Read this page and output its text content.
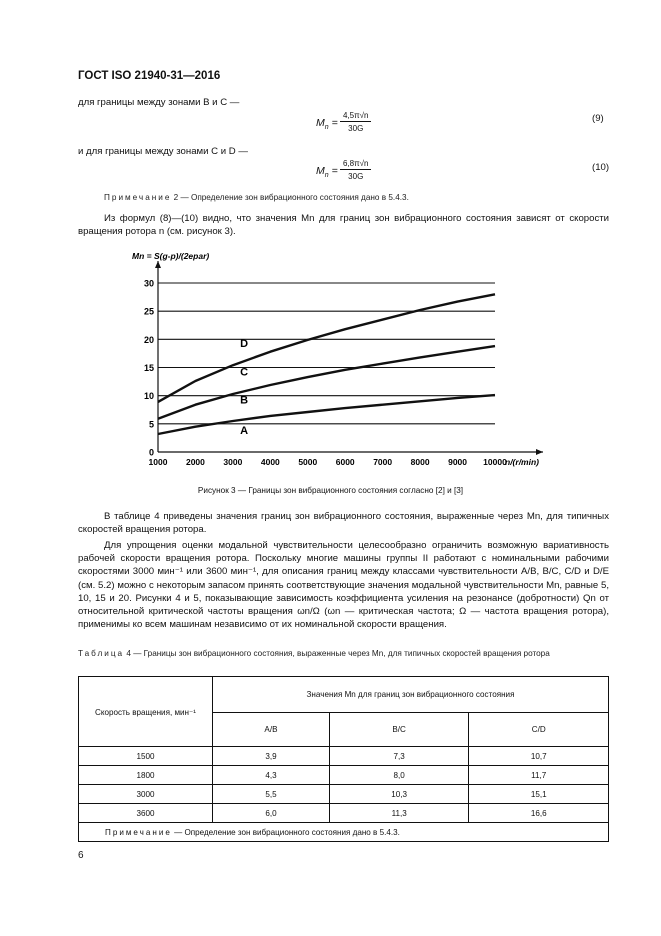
ГОСТ ISO 21940-31—2016
для границы между зонами В и С —
$M_n = \frac{4,5\pi√n}{30G}$	(9)
и для границы между зонами С и D —
$M_n = \frac{6,8\pi√n}{30G}$	(10)
Примечание 2 — Определение зон вибрационного состояния дано в 5.4.3.
Из формул (8)—(10) видно, что значения Mn для границ зон вибрационного состояния зависят от скорости вращения ротора n (см. рисунок 3).
0
5
10
15
20
25
30
1000 2000 3000 4000 5000 6000 7000 8000 9000 10000
Mn = S(g-p)/(2epar)
n/(r/min)
A
B
C
D
Рисунок 3 — Границы зон вибрационного состояния согласно [2] и [3]
В таблице 4 приведены значения границ зон вибрационного состояния, выраженные через Mn, для типичных скоростей вращения ротора.
Для упрощения оценки модальной чувствительности целесообразно ограничить возможную вариативность рабочей скорости вращения ротора. Поскольку многие машины группы II работают с номинальными рабочими скоростями 3000 мин⁻¹ или 3600 мин⁻¹, для описания границ между классами чувствительности A/B, B/C, C/D и D/E (см. 5.2) можно с некоторым запасом принять соответствующие значения модальной чувствительности Mn, равные 5, 10, 15 и 20. Рисунки 4 и 5, показывающие зависимость коэффициента усиления на резонансе (добротности) Qn от относительной критической частоты вращения ωn/Ω (ωn — критическая частота; Ω — частота вращения ротора), применимы ко всем машинам независимо от их номинальной скорости вращения.
Таблица 4 — Границы зон вибрационного состояния, выраженные через Mn, для типичных скоростей вращения ротора
Скорость вращения, мин⁻¹	Значения Mn для границ зон вибрационного состояния		
	A/B	B/C	C/D
1500	3,9	7,3	10,7
1800	4,3	8,0	11,7
3000	5,5	10,3	15,1
3600	6,0	11,3	16,6
Примечание — Определение зон вибрационного состояния дано в 5.4.3.			
6
